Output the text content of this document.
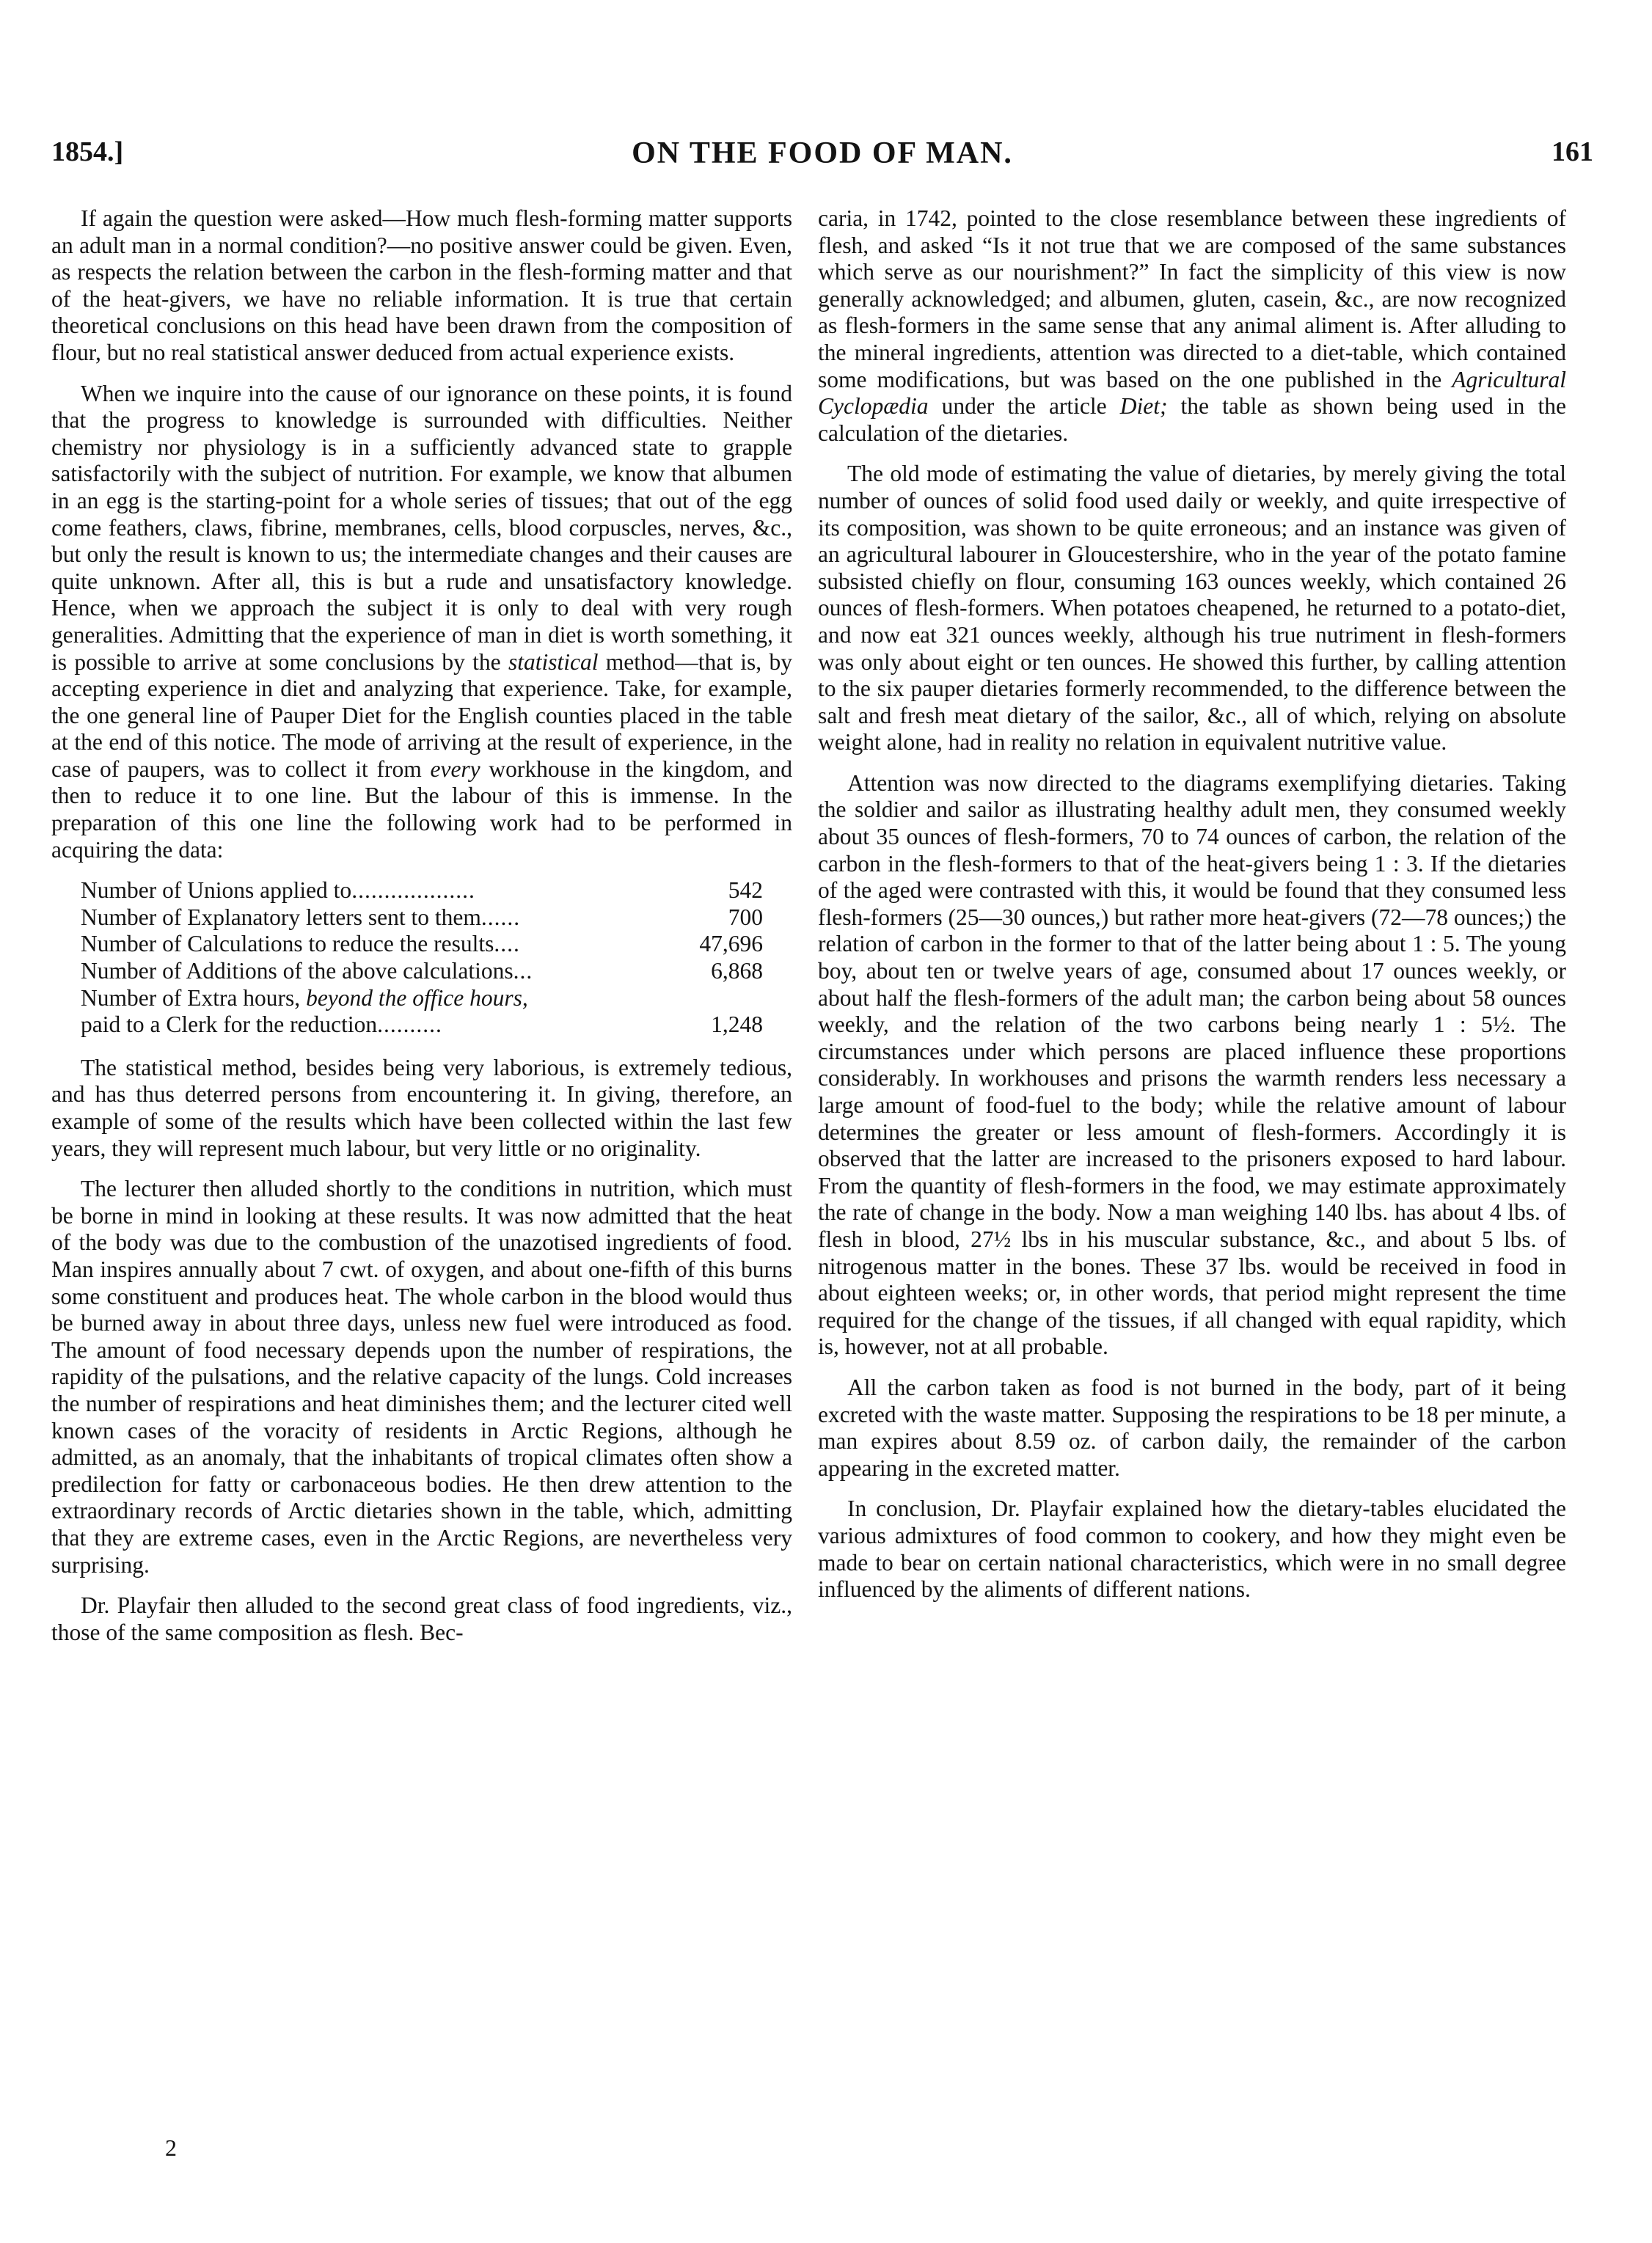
1854.]	ON THE FOOD OF MAN.	161

If again the question were asked—How much flesh-forming matter supports an adult man in a normal condition?—no positive answer could be given. Even, as respects the relation between the carbon in the flesh-forming matter and that of the heat-givers, we have no reliable information. It is true that certain theoretical conclusions on this head have been drawn from the composition of flour, but no real statistical answer deduced from actual experience exists.

When we inquire into the cause of our ignorance on these points, it is found that the progress to knowledge is surrounded with difficulties. Neither chemistry nor physiology is in a sufficiently advanced state to grapple satisfactorily with the subject of nutrition. For example, we know that albumen in an egg is the starting-point for a whole series of tissues; that out of the egg come feathers, claws, fibrine, membranes, cells, blood corpuscles, nerves, &c., but only the result is known to us; the intermediate changes and their causes are quite unknown. After all, this is but a rude and unsatisfactory knowledge. Hence, when we approach the subject it is only to deal with very rough generalities. Admitting that the experience of man in diet is worth something, it is possible to arrive at some conclusions by the statistical method—that is, by accepting experience in diet and analyzing that experience. Take, for example, the one general line of Pauper Diet for the English counties placed in the table at the end of this notice. The mode of arriving at the result of experience, in the case of paupers, was to collect it from every workhouse in the kingdom, and then to reduce it to one line. But the labour of this is immense. In the preparation of this one line the following work had to be performed in acquiring the data:

Number of Unions applied to...................	542
Number of Explanatory letters sent to them......	700
Number of Calculations to reduce the results....	47,696
Number of Additions of the above calculations...	6,868
Number of Extra hours, beyond the office hours,	
paid to a Clerk for the reduction..........	1,248

The statistical method, besides being very laborious, is extremely tedious, and has thus deterred persons from encountering it. In giving, therefore, an example of some of the results which have been collected within the last few years, they will represent much labour, but very little or no originality.

The lecturer then alluded shortly to the conditions in nutrition, which must be borne in mind in looking at these results. It was now admitted that the heat of the body was due to the combustion of the unazotised ingredients of food. Man inspires annually about 7 cwt. of oxygen, and about one-fifth of this burns some constituent and produces heat. The whole carbon in the blood would thus be burned away in about three days, unless new fuel were introduced as food. The amount of food necessary depends upon the number of respirations, the rapidity of the pulsations, and the relative capacity of the lungs. Cold increases the number of respirations and heat diminishes them; and the lecturer cited well known cases of the voracity of residents in Arctic Regions, although he admitted, as an anomaly, that the inhabitants of tropical climates often show a predilection for fatty or carbonaceous bodies. He then drew attention to the extraordinary records of Arctic dietaries shown in the table, which, admitting that they are extreme cases, even in the Arctic Regions, are nevertheless very surprising.

Dr. Playfair then alluded to the second great class of food ingredients, viz., those of the same composition as flesh. Bec-

2

caria, in 1742, pointed to the close resemblance between these ingredients of flesh, and asked “Is it not true that we are composed of the same substances which serve as our nourishment?” In fact the simplicity of this view is now generally acknowledged; and albumen, gluten, casein, &c., are now recognized as flesh-formers in the same sense that any animal aliment is. After alluding to the mineral ingredients, attention was directed to a diet-table, which contained some modifications, but was based on the one published in the Agricultural Cyclopædia under the article Diet; the table as shown being used in the calculation of the dietaries.

The old mode of estimating the value of dietaries, by merely giving the total number of ounces of solid food used daily or weekly, and quite irrespective of its composition, was shown to be quite erroneous; and an instance was given of an agricultural labourer in Gloucestershire, who in the year of the potato famine subsisted chiefly on flour, consuming 163 ounces weekly, which contained 26 ounces of flesh-formers. When potatoes cheapened, he returned to a potato-diet, and now eat 321 ounces weekly, although his true nutriment in flesh-formers was only about eight or ten ounces. He showed this further, by calling attention to the six pauper dietaries formerly recommended, to the difference between the salt and fresh meat dietary of the sailor, &c., all of which, relying on absolute weight alone, had in reality no relation in equivalent nutritive value.

Attention was now directed to the diagrams exemplifying dietaries. Taking the soldier and sailor as illustrating healthy adult men, they consumed weekly about 35 ounces of flesh-formers, 70 to 74 ounces of carbon, the relation of the carbon in the flesh-formers to that of the heat-givers being 1 : 3. If the dietaries of the aged were contrasted with this, it would be found that they consumed less flesh-formers (25—30 ounces,) but rather more heat-givers (72—78 ounces;) the relation of carbon in the former to that of the latter being about 1 : 5. The young boy, about ten or twelve years of age, consumed about 17 ounces weekly, or about half the flesh-formers of the adult man; the carbon being about 58 ounces weekly, and the relation of the two carbons being nearly 1 : 5½. The circumstances under which persons are placed influence these proportions considerably. In workhouses and prisons the warmth renders less necessary a large amount of food-fuel to the body; while the relative amount of labour determines the greater or less amount of flesh-formers. Accordingly it is observed that the latter are increased to the prisoners exposed to hard labour. From the quantity of flesh-formers in the food, we may estimate approximately the rate of change in the body. Now a man weighing 140 lbs. has about 4 lbs. of flesh in blood, 27½ lbs in his muscular substance, &c., and about 5 lbs. of nitrogenous matter in the bones. These 37 lbs. would be received in food in about eighteen weeks; or, in other words, that period might represent the time required for the change of the tissues, if all changed with equal rapidity, which is, however, not at all probable.

All the carbon taken as food is not burned in the body, part of it being excreted with the waste matter. Supposing the respirations to be 18 per minute, a man expires about 8.59 oz. of carbon daily, the remainder of the carbon appearing in the excreted matter.

In conclusion, Dr. Playfair explained how the dietary-tables elucidated the various admixtures of food common to cookery, and how they might even be made to bear on certain national characteristics, which were in no small degree influenced by the aliments of different nations.
